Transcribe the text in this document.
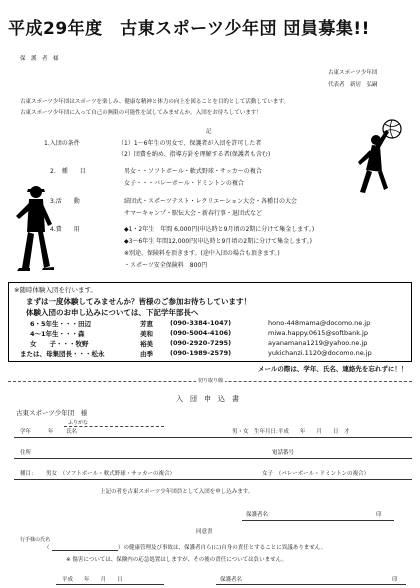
平成29年度　古東スポーツ少年団 団員募集!!
保　護　者　様
古東スポーツ少年団
代表者　新居　弘嗣
古東スポーツ少年団はスポーツを楽しみ、健康な精神と体力の向上を図ることを目的として活動しています。
古東スポーツ少年団に入って自己の無限の可能性を試してみませんか。入団をお待ちしています！
記
1.入団の条件	（1）1〜6年生の男女で、保護者が入団を許可した者
（2）団費を納め、指導方針を理解する者(保護者も含む)
2.　種　　目	男女・・ソフトボール・軟式野球・サッカーの複合
女子・・・バレーボール・ドミントンの複合
3.活　　動	結団式・スポーツテスト・レクリエーション大会・各種目の大会
サマーキャンプ・駅伝大会・新春行事・退団式など
4.費　　用	◆1・2年生　年間 6,000円(申込時と9月頃の2期に分けて集金します。)
◆3〜6年生 年間12,000円(申込時と9月頃の2期に分けて集金します。)
※別途、保険料を頂きます。(途中入団の場合も頂きます。)
・スポーツ安全保険料　800円
※随時体験入団を行います。
まずは一度体験してみませんか？皆様のご参加お待ちしています！
体験入団のお申し込みについては、下記学年部長へ
6・5年生・・・田辺	芳恵	(090-3384-1047)	hono-448mama@docomo.ne.jp
4〜1年生・・・森	美和	(090-5004-4106)	miwa.happy.0615@softbank.jp
女　　子・・・牧野	裕美	(090-2920-7295)	ayanamana1219@yahoo.ne.jp
または、母集団長・・・松永	由季	(090-1989-2579)	yukichanzi.1120@docomo.ne.jp
メールの際は、学年、氏名、連絡先を忘れずに！！
切り取り線
入　団　申　込　書
古東スポーツ少年団　様
ふりがな
学年	年 氏名	男・女　生年月日:平成　　年　　月　　日　才
住所	電話番号
種目： 男女　（ソフトボール・軟式野球・サッカーの複合）	女子　（バレーボール・ドミントンの複合）
上記の者を古東スポーツ少年団員として入団を申し込みます。
保護者名	印
同意書
行手様の氏名
（	）の健康管理及び事故は、保護者自ら(に)自身の責任とすることに異議ありません。
※ 傷害については、保険内の応急処置はしますが、その後の責任については負いません。
平成　　年　　月　　日	保護者名	印
